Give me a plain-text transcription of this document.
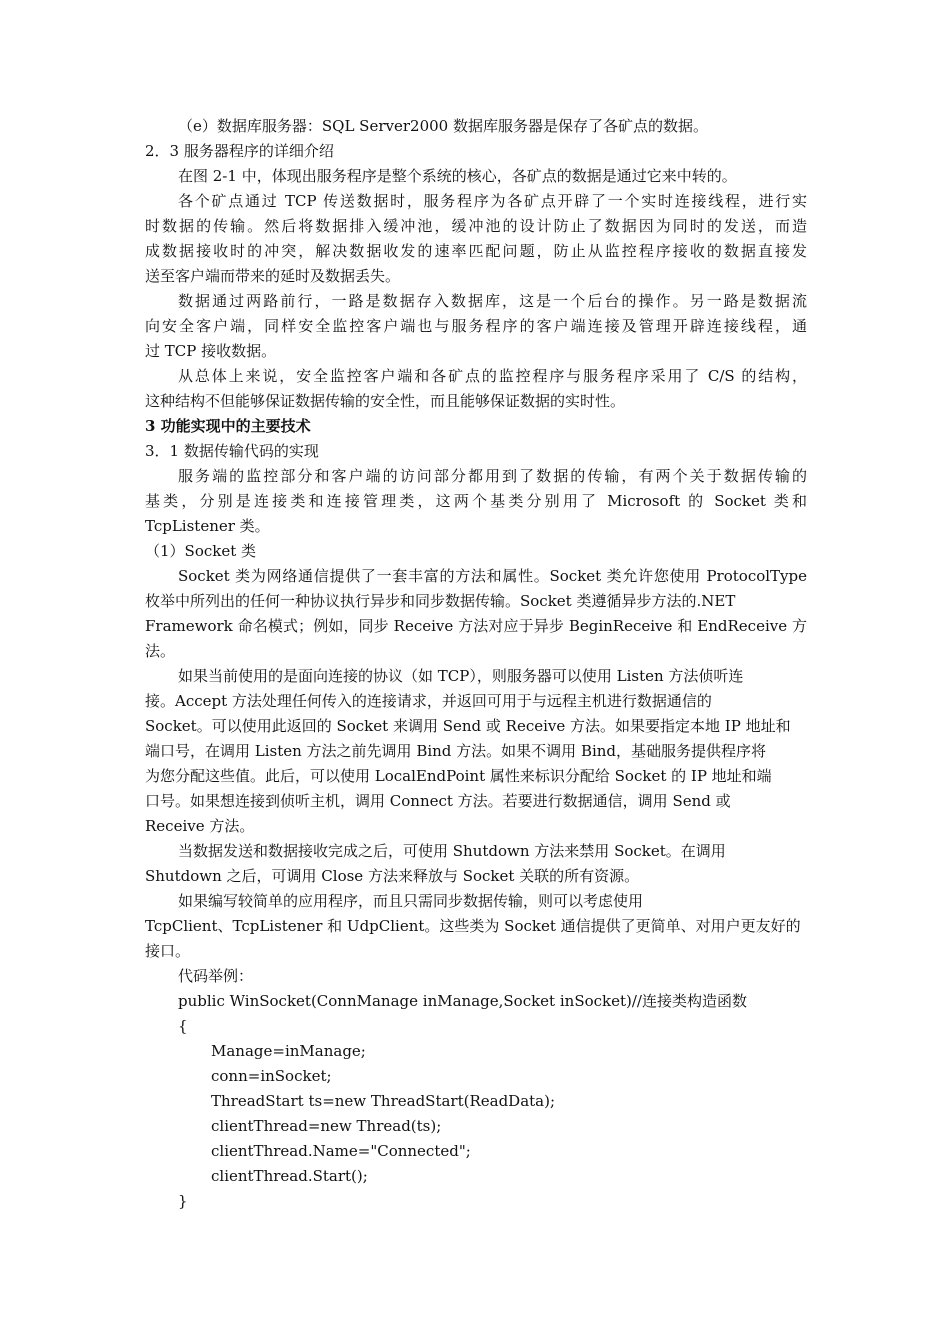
（e）数据库服务器：SQL Server2000 数据库服务器是保存了各矿点的数据。
2．3 服务器程序的详细介绍
在图 2-1 中，体现出服务程序是整个系统的核心，各矿点的数据是通过它来中转的。
各个矿点通过 TCP 传送数据时，服务程序为各矿点开辟了一个实时连接线程，进行实
时数据的传输。然后将数据排入缓冲池，缓冲池的设计防止了数据因为同时的发送，而造
成数据接收时的冲突，解决数据收发的速率匹配问题，防止从监控程序接收的数据直接发
送至客户端而带来的延时及数据丢失。
数据通过两路前行，一路是数据存入数据库，这是一个后台的操作。另一路是数据流
向安全客户端，同样安全监控客户端也与服务程序的客户端连接及管理开辟连接线程，通
过 TCP 接收数据。
从总体上来说，安全监控客户端和各矿点的监控程序与服务程序采用了 C/S 的结构，
这种结构不但能够保证数据传输的安全性，而且能够保证数据的实时性。
3 功能实现中的主要技术
3．1 数据传输代码的实现
服务端的监控部分和客户端的访问部分都用到了数据的传输，有两个关于数据传输的
基类，分别是连接类和连接管理类，这两个基类分别用了 Microsoft 的 Socket 类和
TcpListener 类。
（1）Socket 类
Socket 类为网络通信提供了一套丰富的方法和属性。Socket 类允许您使用 ProtocolType
枚举中所列出的任何一种协议执行异步和同步数据传输。Socket 类遵循异步方法的.NET
Framework 命名模式；例如，同步 Receive 方法对应于异步 BeginReceive 和 EndReceive 方
法。
如果当前使用的是面向连接的协议（如 TCP），则服务器可以使用 Listen 方法侦听连
接。Accept 方法处理任何传入的连接请求，并返回可用于与远程主机进行数据通信的
Socket。可以使用此返回的 Socket 来调用 Send 或 Receive 方法。如果要指定本地 IP 地址和
端口号，在调用 Listen 方法之前先调用 Bind 方法。如果不调用 Bind，基础服务提供程序将
为您分配这些值。此后，可以使用 LocalEndPoint 属性来标识分配给 Socket 的 IP 地址和端
口号。如果想连接到侦听主机，调用 Connect 方法。若要进行数据通信，调用 Send 或
Receive 方法。
当数据发送和数据接收完成之后，可使用 Shutdown 方法来禁用 Socket。在调用
Shutdown 之后，可调用 Close 方法来释放与 Socket 关联的所有资源。
如果编写较简单的应用程序，而且只需同步数据传输，则可以考虑使用
TcpClient、TcpListener 和 UdpClient。这些类为 Socket 通信提供了更简单、对用户更友好的
接口。
代码举例：
public WinSocket(ConnManage inManage,Socket inSocket)//连接类构造函数
{
Manage=inManage;
conn=inSocket;
ThreadStart ts=new ThreadStart(ReadData);
clientThread=new Thread(ts);
clientThread.Name="Connected";
clientThread.Start();
}
